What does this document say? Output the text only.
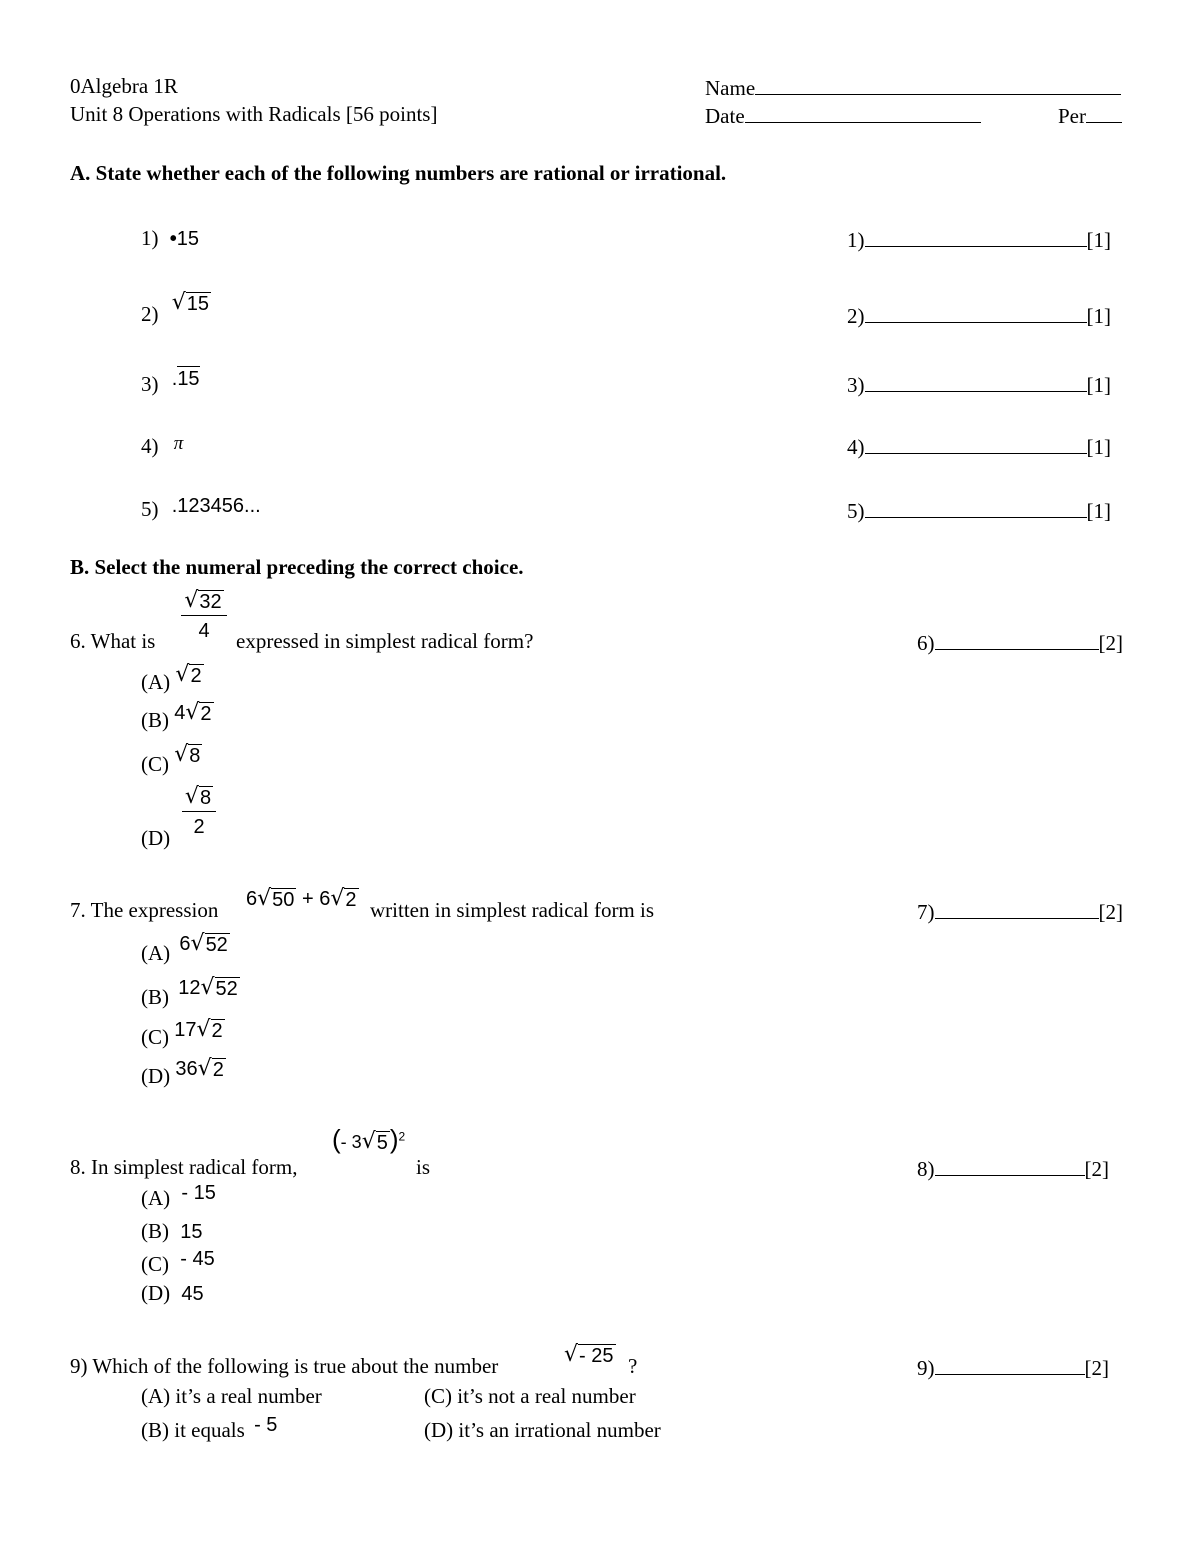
0Algebra 1R
Unit 8 Operations with Radicals [56 points]
Name
Date	Per
A. State whether each of the following numbers are rational or irrational.
1) •15
2) √ 15
3) .15
4) π
5) .123456...
1)	[1]
2)	[1]
3)	[1]
4)	[1]
5)	[1]
B. Select the numeral preceding the correct choice.
6. What is $\frac{√ 32}{4}$ expressed in simplest radical form?	6)	[2]
(A) √ 2
(B) 4 √ 2
(C) √ 8
(D)
$\frac{√ 8}{2}$
7. The expression 6 √ 50 + 6 √ 2 written in simplest radical form is	7)	[2]
(A) 6 √ 52
(B) 12 √ 52
(C) 17 √ 2
(D) 36 √ 2
8. In simplest radical form,
(- 3 √ 5 )$^2$
is	8)	[2]
(A) - 15
(B) 15
(C) - 45
(D) 45
9) Which of the following is true about the number	√ - 25 ?	9)	[2]
(A) it’s a real number	(C) it’s not a real number
(B) it equals - 5	(D) it’s an irrational number
